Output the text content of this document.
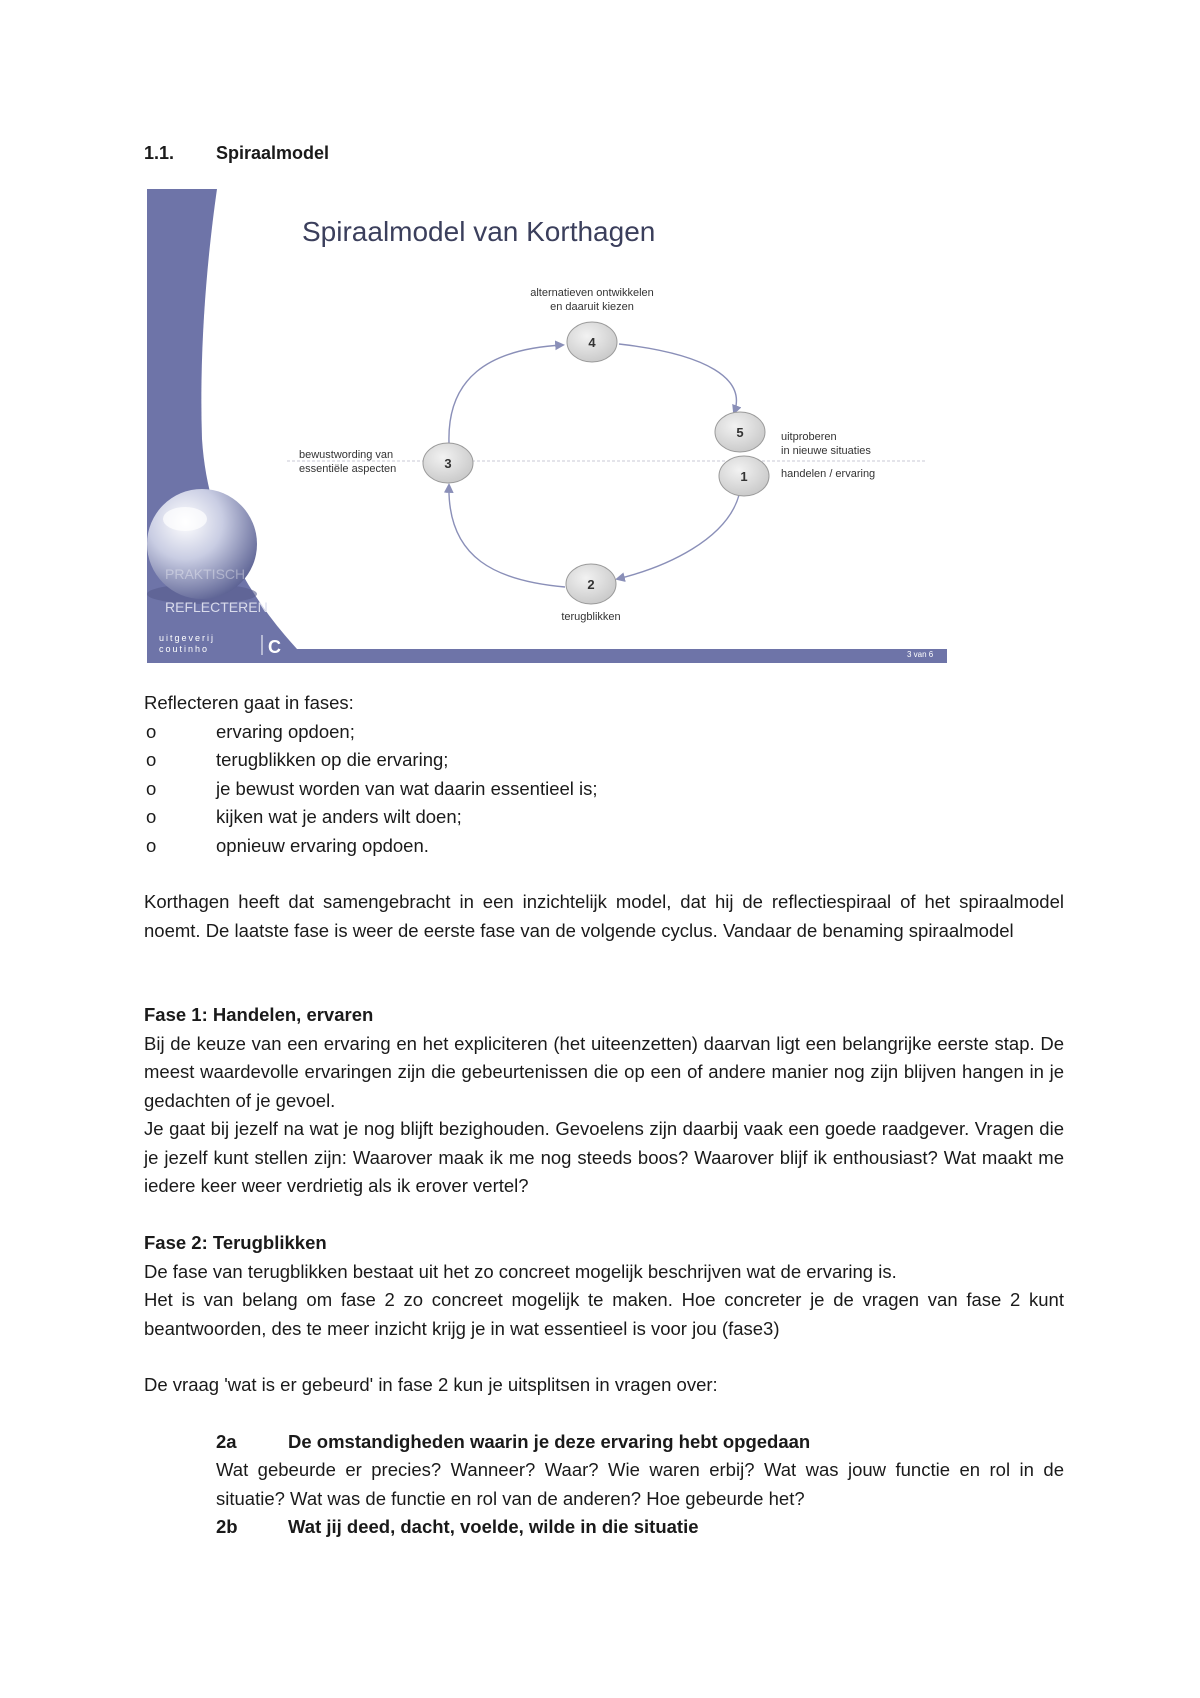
1.1. Spiraalmodel
Spiraalmodel van Korthagen
4
5
1
3
2
alternatieven ontwikkelen
en daaruit kiezen
uitproberen
in nieuwe situaties
handelen / ervaring
bewustwording van
essentiële aspecten
terugblikken
PRAKTISCH
REFLECTEREN
uitgeverij
coutinho	C	3 van 6

Reflecteren gaat in fases:

o	ervaring opdoen;
o	terugblikken op die ervaring;
o	je bewust worden van wat daarin essentieel is;
o	kijken wat je anders wilt doen;
o	opnieuw ervaring opdoen.
Korthagen heeft dat samengebracht in een inzichtelijk model, dat hij de reflectiespiraal of het spiraalmodel noemt. De laatste fase is weer de eerste fase van de volgende cyclus. Vandaar de benaming spiraalmodel

Fase 1: Handelen, ervaren

Bij de keuze van een ervaring en het expliciteren (het uiteenzetten) daarvan ligt een belangrijke eerste stap. De meest waardevolle ervaringen zijn die gebeurtenissen die op een of andere manier nog zijn blijven hangen in je gedachten of je gevoel.

Je gaat bij jezelf na wat je nog blijft bezighouden. Gevoelens zijn daarbij vaak een goede raadgever. Vragen die je jezelf kunt stellen zijn: Waarover maak ik me nog steeds boos? Waarover blijf ik enthousiast? Wat maakt me iedere keer weer verdrietig als ik erover vertel?

Fase 2: Terugblikken

De fase van terugblikken bestaat uit het zo concreet mogelijk beschrijven wat de ervaring is.

Het is van belang om fase 2 zo concreet mogelijk te maken. Hoe concreter je de vragen van fase 2 kunt beantwoorden, des te meer inzicht krijg je in wat essentieel is voor jou (fase3)

De vraag 'wat is er gebeurd' in fase 2 kun je uitsplitsen in vragen over:

2a	De omstandigheden waarin je deze ervaring hebt opgedaan

Wat gebeurde er precies? Wanneer? Waar? Wie waren erbij? Wat was jouw functie en rol in de situatie? Wat was de functie en rol van de anderen? Hoe gebeurde het?

2b	Wat jij deed, dacht, voelde, wilde in die situatie
